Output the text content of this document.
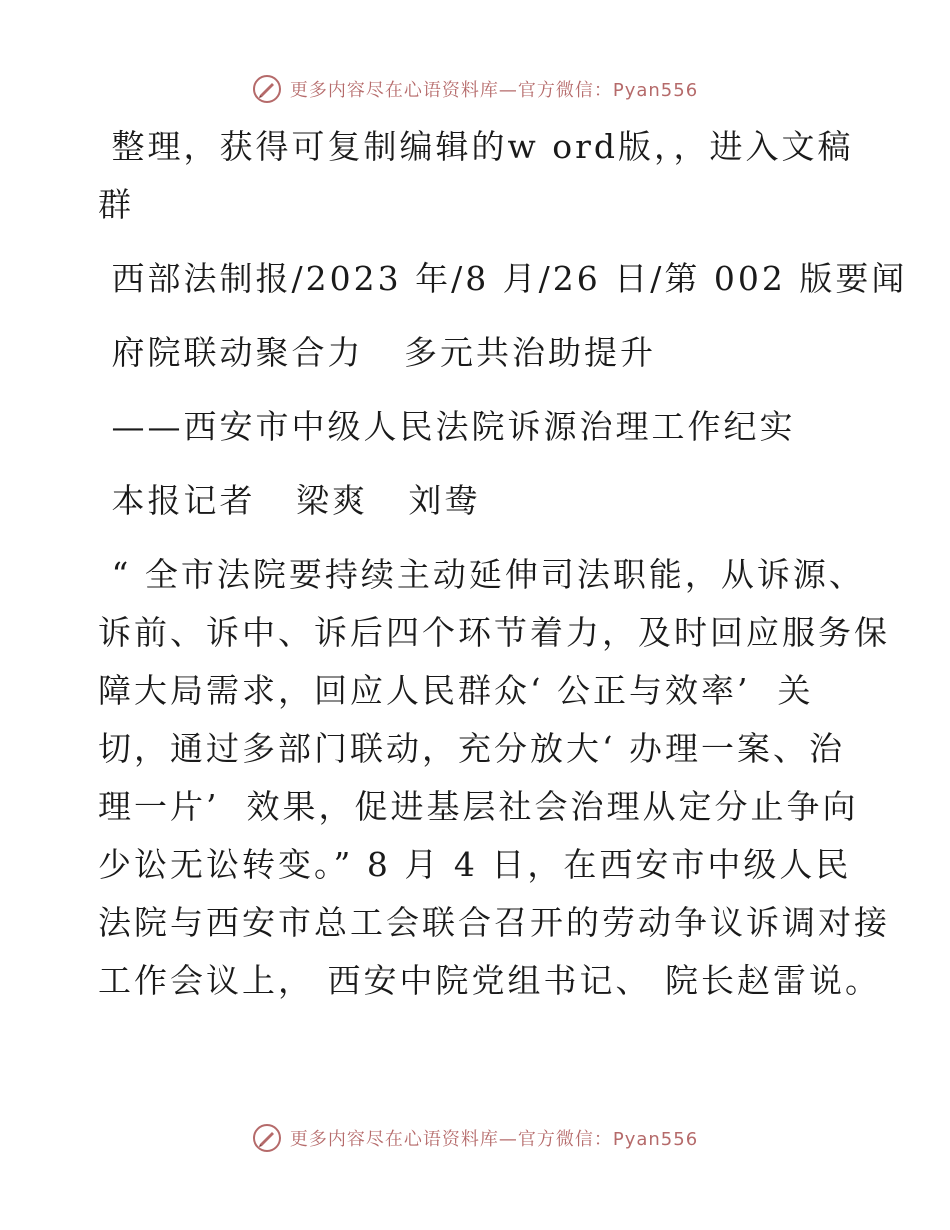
更多内容尽在心语资料库—官方微信：Pyan556
整理，获得可复制编辑的w ord版，，进入文稿
群
西部法制报/2023 年/8 月/26 日/第 002 版要闻
府院联动聚合力   多元共治助提升
——西安市中级人民法院诉源治理工作纪实
本报记者   梁爽   刘鸯
“ 全市法院要持续主动延伸司法职能，从诉源、
诉前、诉中、诉后四个环节着力，及时回应服务保
障大局需求，回应人民群众‘ 公正与效率’  关
切，通过多部门联动，充分放大‘ 办理一案、治
理一片’  效果，促进基层社会治理从定分止争向
少讼无讼转变。” 8 月 4 日，在西安市中级人民
法院与西安市总工会联合召开的劳动争议诉调对接
工作会议上， 西安中院党组书记、 院长赵雷说。
更多内容尽在心语资料库—官方微信：Pyan556
